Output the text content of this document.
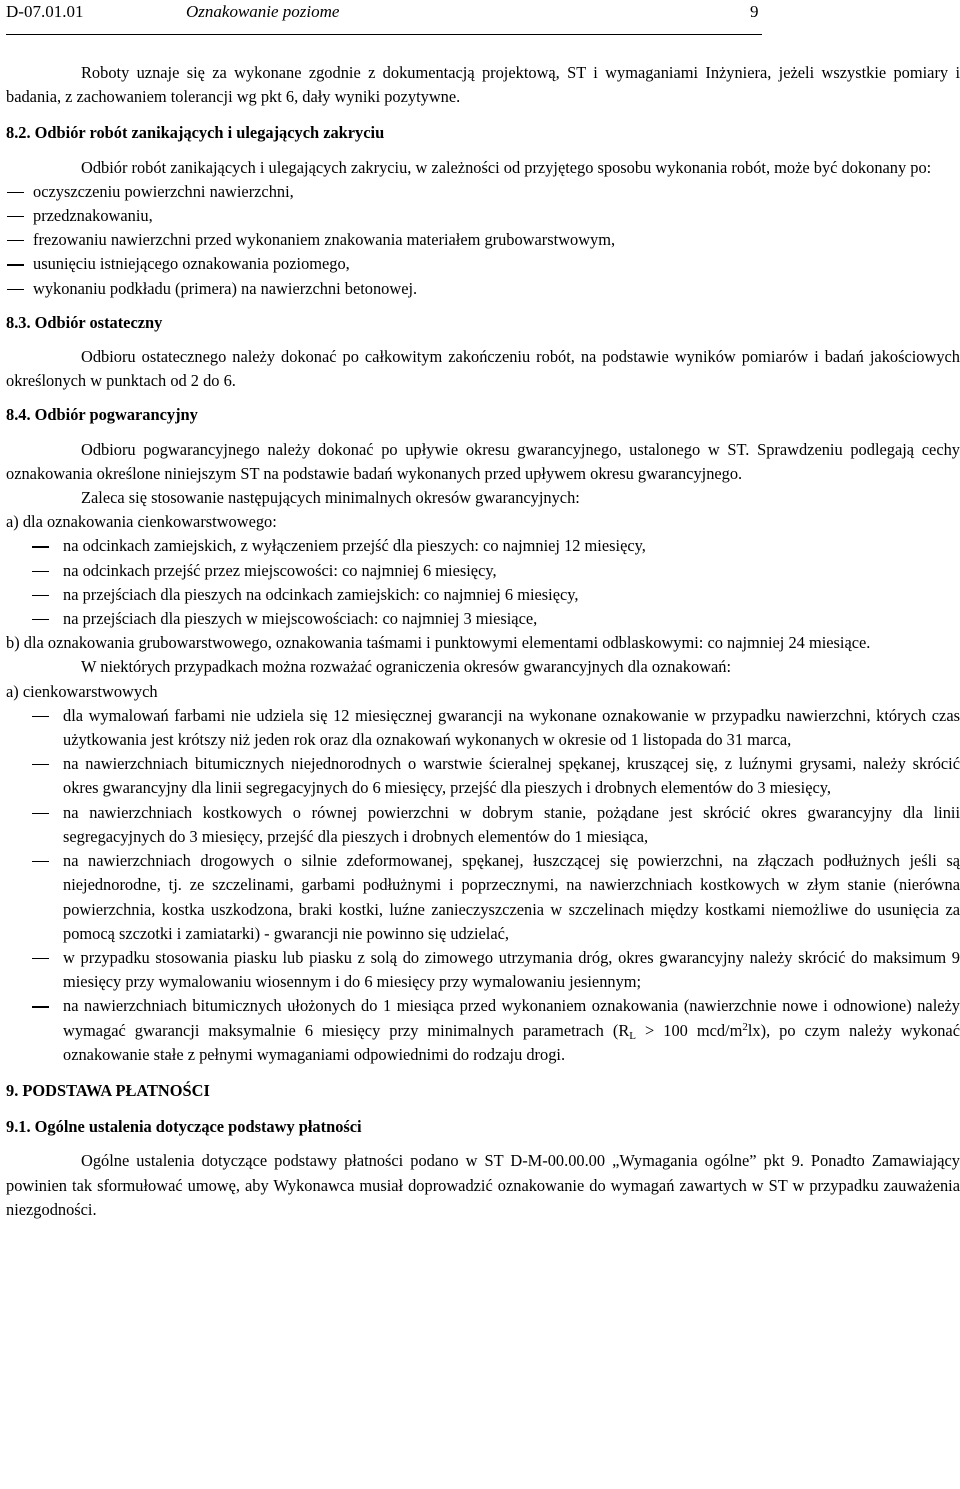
D-07.01.01	Oznakowanie poziome	9

Roboty uznaje się za wykonane zgodnie z dokumentacją projektową, ST i wymaganiami Inżyniera, jeżeli wszystkie pomiary i badania, z zachowaniem tolerancji wg pkt 6, dały wyniki pozytywne.

8.2. Odbiór robót zanikających i ulegających zakryciu

Odbiór robót zanikających i ulegających zakryciu, w zależności od przyjętego sposobu wykonania robót, może być dokonany po:

oczyszczeniu powierzchni nawierzchni,
przedznakowaniu,
frezowaniu nawierzchni przed wykonaniem znakowania materiałem grubowarstwowym,
usunięciu istniejącego oznakowania poziomego,
wykonaniu podkładu (primera) na nawierzchni betonowej.

8.3. Odbiór ostateczny

Odbioru ostatecznego należy dokonać po całkowitym zakończeniu robót, na podstawie wyników pomiarów i badań jakościowych określonych w punktach od 2 do 6.

8.4. Odbiór pogwarancyjny

Odbioru pogwarancyjnego należy dokonać po upływie okresu gwarancyjnego, ustalonego w ST. Sprawdzeniu podlegają cechy oznakowania określone niniejszym ST na podstawie badań wykonanych przed upływem okresu gwarancyjnego.

Zaleca się stosowanie następujących minimalnych okresów gwarancyjnych:

a) dla oznakowania cienkowarstwowego:

na odcinkach zamiejskich, z wyłączeniem przejść dla pieszych: co najmniej 12 miesięcy,
na odcinkach przejść przez miejscowości: co najmniej 6 miesięcy,
na przejściach dla pieszych na odcinkach zamiejskich: co najmniej 6 miesięcy,
na przejściach dla pieszych w miejscowościach: co najmniej 3 miesiące,

b) dla oznakowania grubowarstwowego, oznakowania taśmami i punktowymi elementami odblaskowymi: co najmniej 24 miesiące.

W niektórych przypadkach można rozważać ograniczenia okresów gwarancyjnych dla oznakowań:

a) cienkowarstwowych

dla wymalowań farbami nie udziela się 12 miesięcznej gwarancji na wykonane oznakowanie w przypadku nawierzchni, których czas użytkowania jest krótszy niż jeden rok oraz dla oznakowań wykonanych w okresie od 1 listopada do 31 marca,
na nawierzchniach bitumicznych niejednorodnych o warstwie ścieralnej spękanej, kruszącej się, z luźnymi grysami, należy skrócić okres gwarancyjny dla linii segregacyjnych do 6 miesięcy, przejść dla pieszych i drobnych elementów do 3 miesięcy,
na nawierzchniach kostkowych o równej powierzchni w dobrym stanie, pożądane jest skrócić okres gwarancyjny dla linii segregacyjnych do 3 miesięcy, przejść dla pieszych i drobnych elementów do 1 miesiąca,
na nawierzchniach drogowych o silnie zdeformowanej, spękanej, łuszczącej się powierzchni, na złączach podłużnych jeśli są niejednorodne, tj. ze szczelinami, garbami podłużnymi i poprzecznymi, na nawierzchniach kostkowych w złym stanie (nierówna powierzchnia, kostka uszkodzona, braki kostki, luźne zanieczyszczenia w szczelinach między kostkami niemożliwe do usunięcia za pomocą szczotki i zamiatarki) - gwarancji nie powinno się udzielać,
w przypadku stosowania piasku lub piasku z solą do zimowego utrzymania dróg, okres gwarancyjny należy skrócić do maksimum 9 miesięcy przy wymalowaniu wiosennym i do 6 miesięcy przy wymalowaniu jesiennym;
na nawierzchniach bitumicznych ułożonych do 1 miesiąca przed wykonaniem oznakowania (nawierzchnie nowe i odnowione) należy wymagać gwarancji maksymalnie 6 miesięcy przy minimalnych parametrach ($R_L > 100$ mcd/$m^2lx$), po czym należy wykonać oznakowanie stałe z pełnymi wymaganiami odpowiednimi do rodzaju drogi.

9. PODSTAWA PŁATNOŚCI

9.1. Ogólne ustalenia dotyczące podstawy płatności

Ogólne ustalenia dotyczące podstawy płatności podano w ST D-M-00.00.00 „Wymagania ogólne” pkt 9. Ponadto Zamawiający powinien tak sformułować umowę, aby Wykonawca musiał doprowadzić oznakowanie do wymagań zawartych w ST w przypadku zauważenia niezgodności.
